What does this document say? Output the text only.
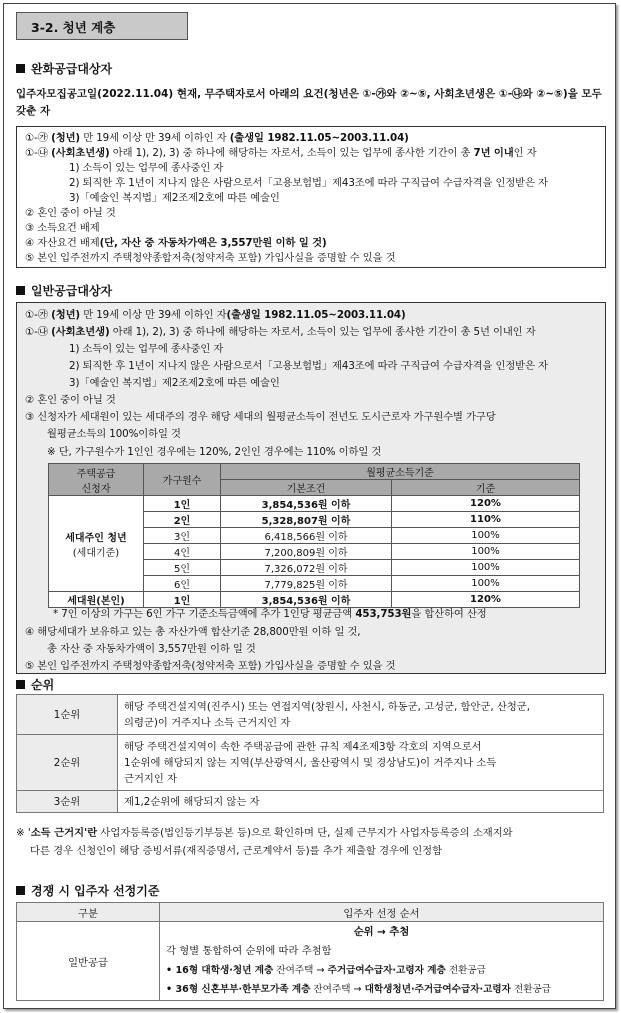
3-2. 청년 계층
완화공급대상자
입주자모집공고일(2022.11.04) 현재, 무주택자로서 아래의 요건(청년은 ①-㉮와 ②~⑤, 사회초년생은 ①-㉯와 ②~⑤)을 모두 갖춘 자
①-㉮ (청년) 만 19세 이상 만 39세 이하인 자 (출생일 1982.11.05~2003.11.04)
①-㉯ (사회초년생) 아래 1), 2), 3) 중 하나에 해당하는 자로서, 소득이 있는 업무에 종사한 기간이 총 7년 이내인 자
1) 소득이 있는 업무에 종사중인 자
2) 퇴직한 후 1년이 지나지 않은 사람으로서「고용보험법」제43조에 따라 구직급여 수급자격을 인정받은 자
3)「예술인 복지법」제2조제2호에 따른 예술인
② 혼인 중이 아닐 것
③ 소득요건 배제
④ 자산요건 배제(단, 자산 중 자동차가액은 3,557만원 이하 일 것)
⑤ 본인 입주전까지 주택청약종합저축(청약저축 포함) 가입사실을 증명할 수 있을 것
일반공급대상자
①-㉮ (청년) 만 19세 이상 만 39세 이하인 자(출생일 1982.11.05~2003.11.04)
①-㉯ (사회초년생) 아래 1), 2), 3) 중 하나에 해당하는 자로서, 소득이 있는 업무에 종사한 기간이 총 5년 이내인 자
1) 소득이 있는 업무에 종사중인 자
2) 퇴직한 후 1년이 지나지 않은 사람으로서「고용보험법」제43조에 따라 구직급여 수급자격을 인정받은 자
3)「예술인 복지법」제2조제2호에 따른 예술인
② 혼인 중이 아닐 것
③ 신청자가 세대원이 있는 세대주의 경우 해당 세대의 월평균소득이 전년도 도시근로자 가구원수별 가구당
월평균소득의 100%이하일 것
※ 단, 가구원수가 1인인 경우에는 120%, 2인인 경우에는 110% 이하일 것
* 7인 이상의 가구는 6인 가구 기준소득금액에 추가 1인당 평균금액 453,753원을 합산하여 산정
④ 해당세대가 보유하고 있는 총 자산가액 합산기준 28,800만원 이하 일 것,
총 자산 중 자동차가액이 3,557만원 이하 일 것
⑤ 본인 입주전까지 주택청약종합저축(청약저축 포함) 가입사실을 증명할 수 있을 것
주택공급
신청자	가구원수	월평균소득기준	
		기본조건	기준
세대주인 청년
(세대기준)	1인	3,854,536원 이하	120%
	2인	5,328,807원 이하	110%
	3인	6,418,566원 이하	100%
	4인	7,200,809원 이하	100%
	5인	7,326,072원 이하	100%
	6인	7,779,825원 이하	100%
세대원(본인)	1인	3,854,536원 이하	120%
순위
1순위	해당 주택건설지역(진주시) 또는 연접지역(창원시, 사천시, 하동군, 고성군, 함안군, 산청군,
의령군)이 거주지나 소득 근거지인 자
2순위	해당 주택건설지역이 속한 주택공급에 관한 규칙 제4조제3항 각호의 지역으로서
1순위에 해당되지 않는 지역(부산광역시, 울산광역시 및 경상남도)이 거주지나 소득
근거지인 자
3순위	제1,2순위에 해당되지 않는 자
※ '소득 근거지'란 사업자등록증(법인등기부등본 등)으로 확인하며 단, 실제 근무지가 사업자등록증의 소재지와
다른 경우 신청인이 해당 증빙서류(재직증명서, 근로계약서 등)를 추가 제출할 경우에 인정함
경쟁 시 입주자 선정기준
구분	입주자 선정 순서
일반공급	순위 → 추첨
각 형별 통합하여 순위에 따라 추첨함
• 16형 대학생·청년 계층 잔여주택 → 주거급여수급자·고령자 계층 전환공급
• 36형 신혼부부·한부모가족 계층 잔여주택 → 대학생청년·주거급여수급자·고령자 전환공급
